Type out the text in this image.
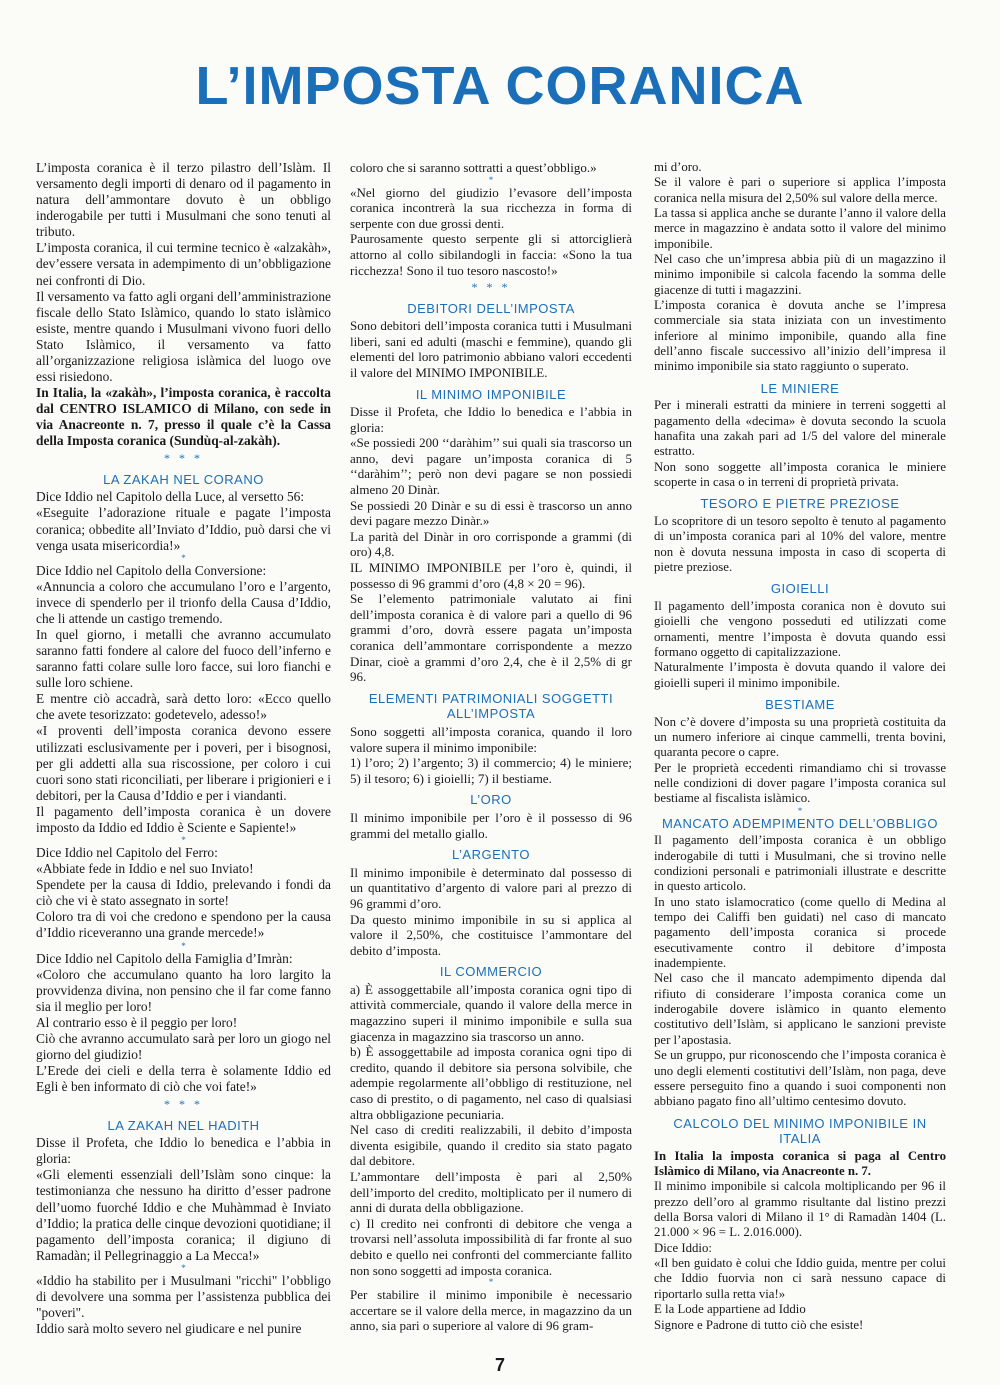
L’IMPOSTA CORANICA

L’imposta coranica è il terzo pilastro dell’Islàm. Il versamento degli importi di denaro od il pagamento in natura dell’ammontare dovuto è un obbligo inderogabile per tutti i Musulmani che sono tenuti al tributo.

L’imposta coranica, il cui termine tecnico è «alzakàh», dev’essere versata in adempimento di un’obbligazione nei confronti di Dio.

Il versamento va fatto agli organi dell’amministrazione fiscale dello Stato Islàmico, quando lo stato islàmico esiste, mentre quando i Musulmani vivono fuori dello Stato Islàmico, il versamento va fatto all’organizzazione religiosa islàmica del luogo ove essi risiedono.

In Italia, la «zakàh», l’imposta coranica, è raccolta dal CENTRO ISLAMICO di Milano, con sede in via Anacreonte n. 7, presso il quale c’è la Cassa della Imposta coranica (Sundùq-al-zakàh).

* * *
LA ZAKAH NEL CORANO

Dice Iddio nel Capitolo della Luce, al versetto 56:

«Eseguite l’adorazione rituale e pagate l’imposta coranica; obbedite all’Inviato d’Iddio, può darsi che vi venga usata misericordia!»

*

Dice Iddio nel Capitolo della Conversione:

«Annuncia a coloro che accumulano l’oro e l’argento, invece di spenderlo per il trionfo della Causa d’Iddio, che li attende un castigo tremendo.

In quel giorno, i metalli che avranno accumulato saranno fatti fondere al calore del fuoco dell’inferno e saranno fatti colare sulle loro facce, sui loro fianchi e sulle loro schiene.

E mentre ciò accadrà, sarà detto loro: «Ecco quello che avete tesorizzato: godetevelo, adesso!»

«I proventi dell’imposta coranica devono essere utilizzati esclusivamente per i poveri, per i bisognosi, per gli addetti alla sua riscossione, per coloro i cui cuori sono stati riconciliati, per liberare i prigionieri e i debitori, per la Causa d’Iddio e per i viandanti.

Il pagamento dell’imposta coranica è un dovere imposto da Iddio ed Iddio è Sciente e Sapiente!»

*

Dice Iddio nel Capitolo del Ferro:

«Abbiate fede in Iddio e nel suo Inviato!

Spendete per la causa di Iddio, prelevando i fondi da ciò che vi è stato assegnato in sorte!

Coloro tra di voi che credono e spendono per la causa d’Iddio riceveranno una grande mercede!»

*

Dice Iddio nel Capitolo della Famiglia d’Imràn:

«Coloro che accumulano quanto ha loro largito la provvidenza divina, non pensino che il far come fanno sia il meglio per loro!

Al contrario esso è il peggio per loro!

Ciò che avranno accumulato sarà per loro un giogo nel giorno del giudizio!

L’Erede dei cieli e della terra è solamente Iddio ed Egli è ben informato di ciò che voi fate!»

* * *
LA ZAKAH NEL HADITH

Disse il Profeta, che Iddio lo benedica e l’abbia in gloria:

«Gli elementi essenziali dell’Islàm sono cinque: la testimonianza che nessuno ha diritto d’esser padrone dell’uomo fuorché Iddio e che Muhàmmad è Inviato d’Iddio; la pratica delle cinque devozioni quotidiane; il pagamento dell’imposta coranica; il digiuno di Ramadàn; il Pellegrinaggio a La Mecca!»

*

«Iddio ha stabilito per i Musulmani "ricchi" l’obbligo di devolvere una somma per l’assistenza pubblica dei "poveri".

Iddio sarà molto severo nel giudicare e nel punire

coloro che si saranno sottratti a quest’obbligo.»

*

«Nel giorno del giudizio l’evasore dell’imposta coranica incontrerà la sua ricchezza in forma di serpente con due grossi denti.

Paurosamente questo serpente gli si attorciglierà attorno al collo sibilandogli in faccia: «Sono la tua ricchezza! Sono il tuo tesoro nascosto!»

* * *
DEBITORI DELL’IMPOSTA

Sono debitori dell’imposta coranica tutti i Musulmani liberi, sani ed adulti (maschi e femmine), quando gli elementi del loro patrimonio abbiano valori eccedenti il valore del MINIMO IMPONIBILE.

IL MINIMO IMPONIBILE

Disse il Profeta, che Iddio lo benedica e l’abbia in gloria:

«Se possiedi 200 ‘‘daràhim’’ sui quali sia trascorso un anno, devi pagare un’imposta coranica di 5 ‘‘daràhim’’; però non devi pagare se non possiedi almeno 20 Dinàr.

Se possiedi 20 Dinàr e su di essi è trascorso un anno devi pagare mezzo Dinàr.»

La parità del Dinàr in oro corrisponde a grammi (di oro) 4,8.

IL MINIMO IMPONIBILE per l’oro è, quindi, il possesso di 96 grammi d’oro (4,8 × 20 = 96).

Se l’elemento patrimoniale valutato ai fini dell’imposta coranica è di valore pari a quello di 96 grammi d’oro, dovrà essere pagata un’imposta coranica dell’ammontare corrispondente a mezzo Dinar, cioè a grammi d’oro 2,4, che è il 2,5% di gr 96.

ELEMENTI PATRIMONIALI SOGGETTI ALL’IMPOSTA

Sono soggetti all’imposta coranica, quando il loro valore supera il minimo imponibile:

1) l’oro; 2) l’argento; 3) il commercio; 4) le miniere; 5) il tesoro; 6) i gioielli; 7) il bestiame.

L’ORO

Il minimo imponibile per l’oro è il possesso di 96 grammi del metallo giallo.

L’ARGENTO

Il minimo imponibile è determinato dal possesso di un quantitativo d’argento di valore pari al prezzo di 96 grammi d’oro.

Da questo minimo imponibile in su si applica al valore il 2,50%, che costituisce l’ammontare del debito d’imposta.

IL COMMERCIO

a) È assoggettabile all’imposta coranica ogni tipo di attività commerciale, quando il valore della merce in magazzino superi il minimo imponibile e sulla sua giacenza in magazzino sia trascorso un anno.

b) È assoggettabile ad imposta coranica ogni tipo di credito, quando il debitore sia persona solvibile, che adempie regolarmente all’obbligo di restituzione, nel caso di prestito, o di pagamento, nel caso di qualsiasi altra obbligazione pecuniaria.

Nel caso di crediti realizzabili, il debito d’imposta diventa esigibile, quando il credito sia stato pagato dal debitore.

L’ammontare dell’imposta è pari al 2,50% dell’importo del credito, moltiplicato per il numero di anni di durata della obbligazione.

c) Il credito nei confronti di debitore che venga a trovarsi nell’assoluta impossibilità di far fronte al suo debito e quello nei confronti del commerciante fallito non sono soggetti ad imposta coranica.

*

Per stabilire il minimo imponibile è necessario accertare se il valore della merce, in magazzino da un anno, sia pari o superiore al valore di 96 gram-

mi d’oro.

Se il valore è pari o superiore si applica l’imposta coranica nella misura del 2,50% sul valore della merce.

La tassa si applica anche se durante l’anno il valore della merce in magazzino è andata sotto il valore del minimo imponibile.

Nel caso che un’impresa abbia più di un magazzino il minimo imponibile si calcola facendo la somma delle giacenze di tutti i magazzini.

L’imposta coranica è dovuta anche se l’impresa commerciale sia stata iniziata con un investimento inferiore al minimo imponibile, quando alla fine dell’anno fiscale successivo all’inizio dell’impresa il minimo imponibile sia stato raggiunto o superato.

LE MINIERE

Per i minerali estratti da miniere in terreni soggetti al pagamento della «decima» è dovuta secondo la scuola hanafita una zakah pari ad 1/5 del valore del minerale estratto.

Non sono soggette all’imposta coranica le miniere scoperte in casa o in terreni di proprietà privata.

TESORO E PIETRE PREZIOSE

Lo scopritore di un tesoro sepolto è tenuto al pagamento di un’imposta coranica pari al 10% del valore, mentre non è dovuta nessuna imposta in caso di scoperta di pietre preziose.

GIOIELLI

Il pagamento dell’imposta coranica non è dovuto sui gioielli che vengono posseduti ed utilizzati come ornamenti, mentre l’imposta è dovuta quando essi formano oggetto di capitalizzazione.

Naturalmente l’imposta è dovuta quando il valore dei gioielli superi il minimo imponibile.

BESTIAME

Non c’è dovere d’imposta su una proprietà costituita da un numero inferiore ai cinque cammelli, trenta bovini, quaranta pecore o capre.

Per le proprietà eccedenti rimandiamo chi si trovasse nelle condizioni di dover pagare l’imposta coranica sul bestiame al fiscalista islàmico.

*
MANCATO ADEMPIMENTO DELL’OBBLIGO

Il pagamento dell’imposta coranica è un obbligo inderogabile di tutti i Musulmani, che si trovino nelle condizioni personali e patrimoniali illustrate e descritte in questo articolo.

In uno stato islamocratico (come quello di Medina al tempo dei Califfi ben guidati) nel caso di mancato pagamento dell’imposta coranica si procede esecutivamente contro il debitore d’imposta inadempiente.

Nel caso che il mancato adempimento dipenda dal rifiuto di considerare l’imposta coranica come un inderogabile dovere islàmico in quanto elemento costitutivo dell’Islàm, si applicano le sanzioni previste per l’apostasia.

Se un gruppo, pur riconoscendo che l’imposta coranica è uno degli elementi costitutivi dell’Islàm, non paga, deve essere perseguito fino a quando i suoi componenti non abbiano pagato fino all’ultimo centesimo dovuto.

CALCOLO DEL MINIMO IMPONIBILE IN ITALIA

In Italia la imposta coranica si paga al Centro Islàmico di Milano, via Anacreonte n. 7.

Il minimo imponibile si calcola moltiplicando per 96 il prezzo dell’oro al grammo risultante dal listino prezzi della Borsa valori di Milano il 1° di Ramadàn 1404 (L. 21.000 × 96 = L. 2.016.000).

Dice Iddio:

«Il ben guidato è colui che Iddio guida, mentre per colui che Iddio fuorvia non ci sarà nessuno capace di riportarlo sulla retta via!»

E la Lode appartiene ad Iddio

Signore e Padrone di tutto ciò che esiste!

7
